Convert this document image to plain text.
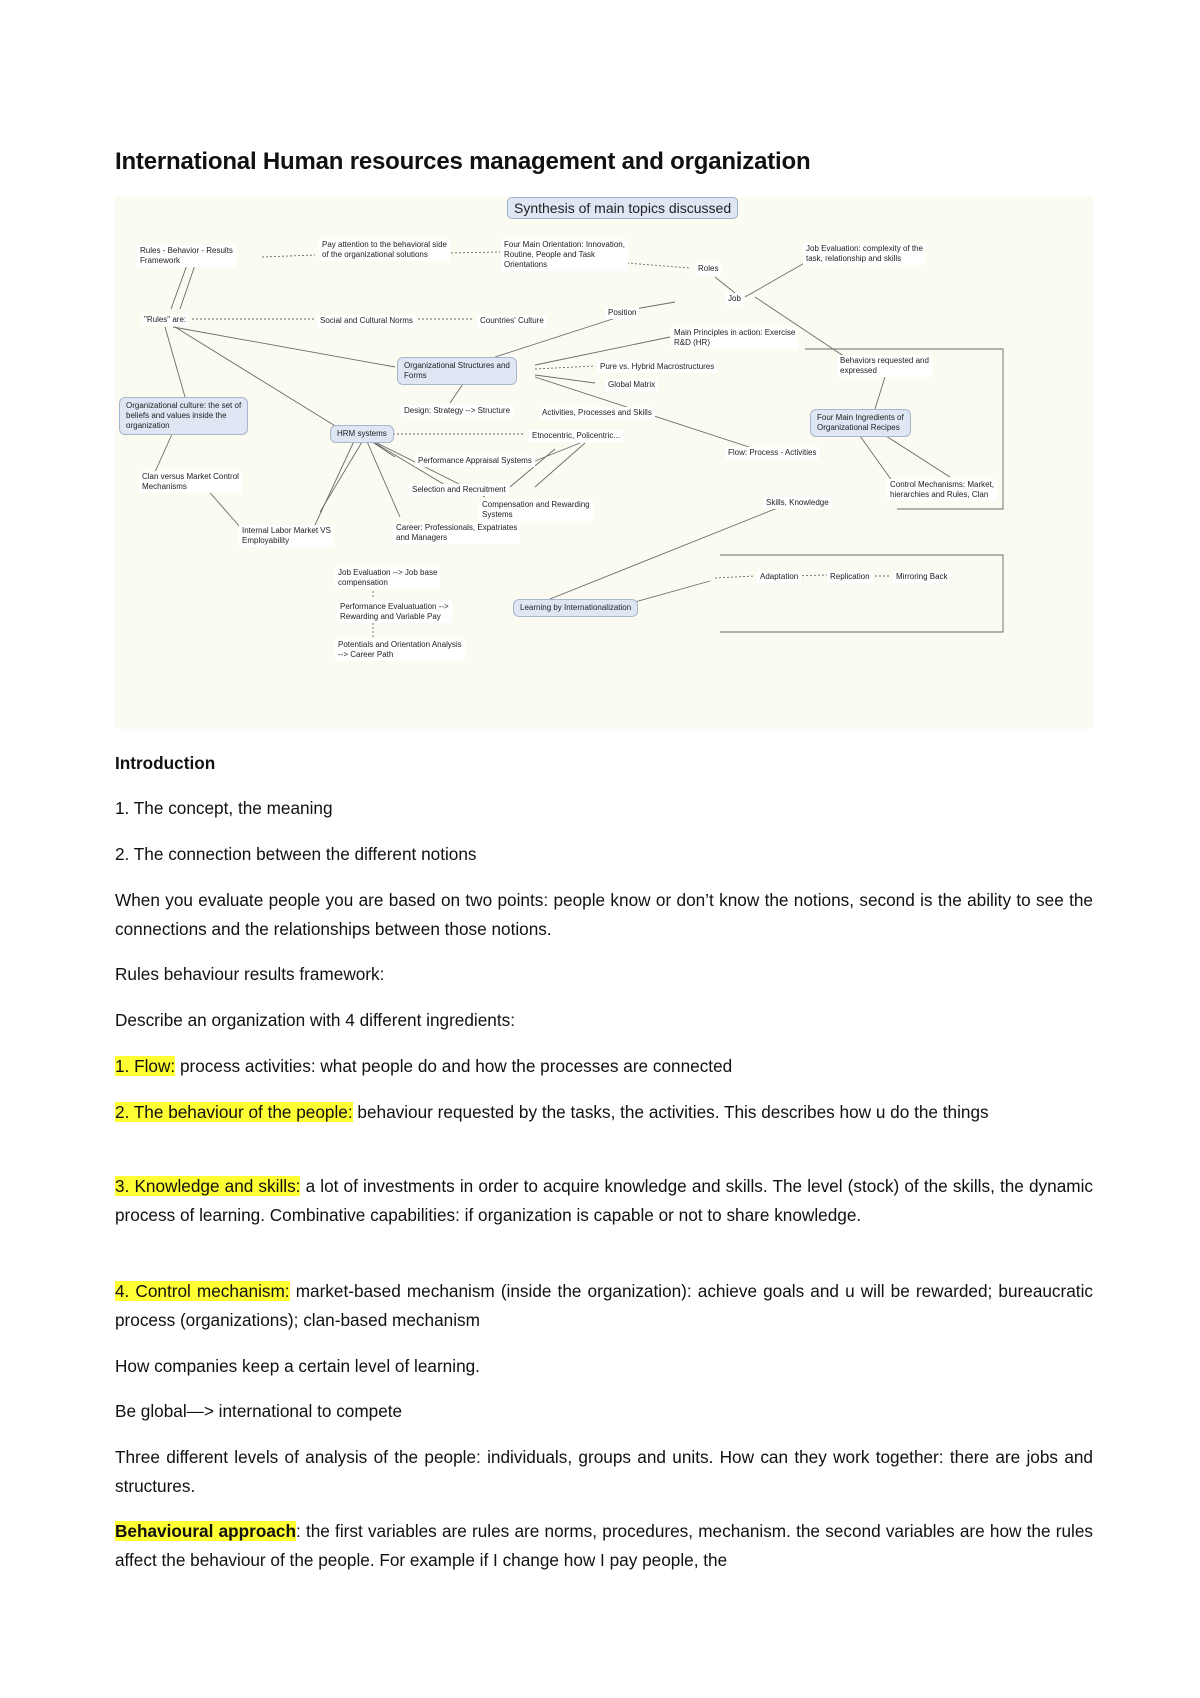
International Human resources management and organization
Synthesis of main topics discussed
Rules - Behavior - Results
Framework
Pay attention to the behavioral side
of the organizational solutions
Four Main Orientation: Innovation,
Routine, People and Task
Orientations
Job Evaluation: complexity of the
task, relationship and skills
Roles
Job
"Rules" are:	Social and Cultural Norms	Countries' Culture
Position
Main Principles in action: Exercise
R&D (HR)
Organizational Structures and
Forms
Pure vs. Hybrid Macrostructures
Global Matrix
Behaviors requested and
expressed
Organizational culture: the set of
beliefs and values inside the
organization
Design: Strategy --> Structure	Activities, Processes and Skills
Four Main Ingredients of
Organizational Recipes
HRM systems	Etnocentric, Policentric...
Flow: Process - Activities
Performance Appraisal Systems
Clan versus Market Control
Mechanisms	Selection and Recruitment
Control Mechanisms: Market,
hierarchies and Rules, Clan
Compensation and Rewarding
Systems
Skills, Knowledge
Internal Labor Market VS
Employability
Career: Professionals, Expatriates
and Managers
Job Evaluation --> Job base
compensation
Adaptation	Replication	Mirroring Back
Learning by Internationalization
Performance Evaluatuation -->
Rewarding and Variable Pay
Potentials and Orientation Analysis
--> Career Path

Introduction

1. The concept, the meaning

2. The connection between the different notions

When you evaluate people you are based on two points: people know or don’t know the notions, second is the ability to see the connections and the relationships between those notions.

Rules behaviour results framework:

Describe an organization with 4 different ingredients:

1. Flow: process activities: what people do and how the processes are connected

2. The behaviour of the people: behaviour requested by the tasks, the activities. This describes how u do the things

3. Knowledge and skills: a lot of investments in order to acquire knowledge and skills. The level (stock) of the skills, the dynamic process of learning. Combinative capabilities: if organization is capable or not to share knowledge.

4. Control mechanism: market-based mechanism (inside the organization): achieve goals and u will be rewarded; bureaucratic process (organizations); clan-based mechanism

How companies keep a certain level of learning.

Be global—> international to compete

Three different levels of analysis of the people: individuals, groups and units. How can they work together: there are jobs and structures.

Behavioural approach: the first variables are rules are norms, procedures, mechanism. the second variables are how the rules affect the behaviour of the people. For example if I change how I pay people, the
